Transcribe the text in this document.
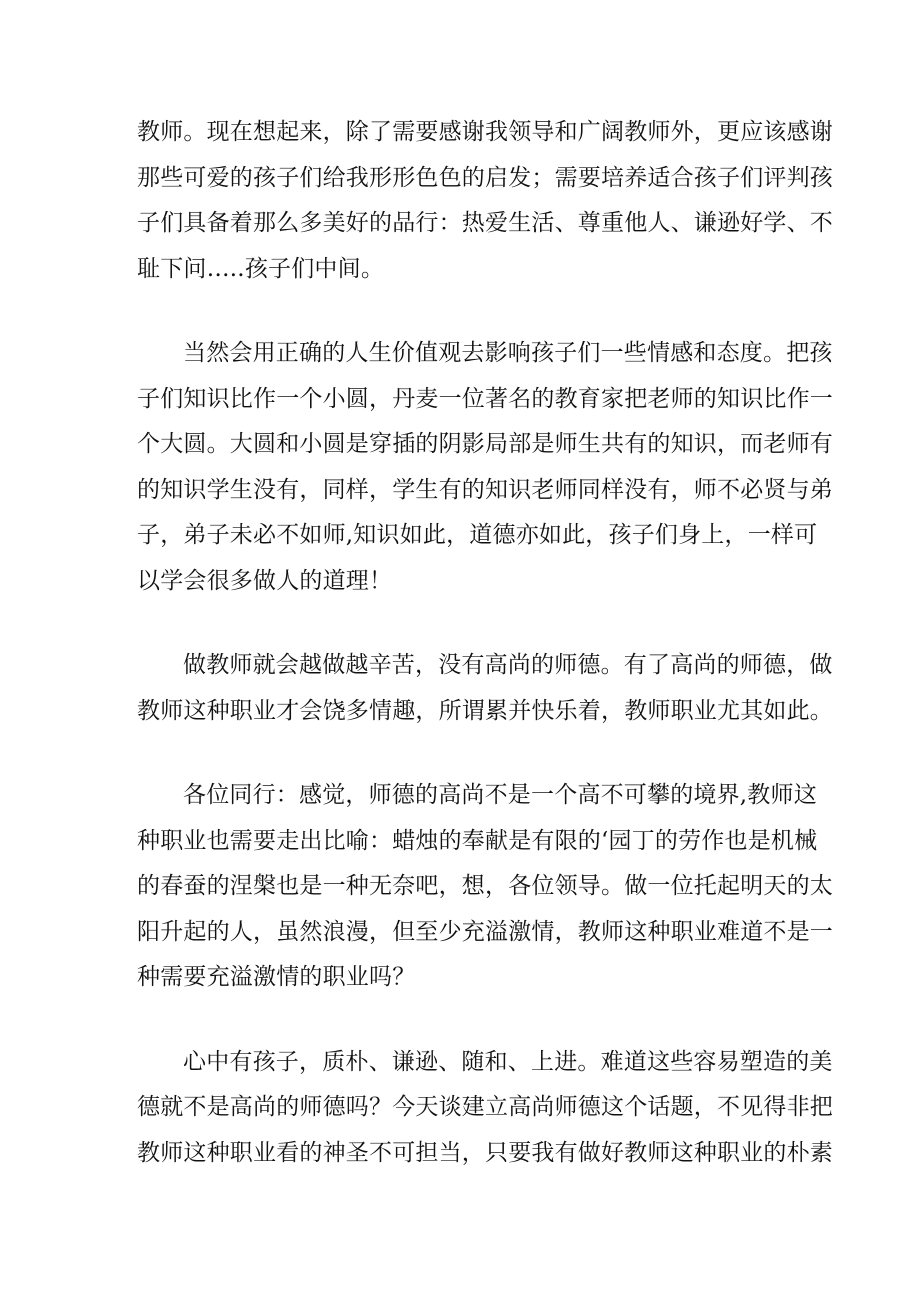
教师。现在想起来，除了需要感谢我领导和广阔教师外，更应该感谢
那些可爱的孩子们给我形形色色的启发；需要培养适合孩子们评判孩
子们具备着那么多美好的品行：热爱生活、尊重他人、谦逊好学、不
耻下问…..孩子们中间。

当然会用正确的人生价值观去影响孩子们一些情感和态度。把孩
子们知识比作一个小圆，丹麦一位著名的教育家把老师的知识比作一
个大圆。大圆和小圆是穿插的阴影局部是师生共有的知识，而老师有
的知识学生没有，同样，学生有的知识老师同样没有，师不必贤与弟
子，弟子未必不如师,知识如此，道德亦如此，孩子们身上，一样可
以学会很多做人的道理！

做教师就会越做越辛苦，没有高尚的师德。有了高尚的师德，做
教师这种职业才会饶多情趣，所谓累并快乐着，教师职业尤其如此。

各位同行：感觉，师德的高尚不是一个高不可攀的境界,教师这
种职业也需要走出比喻：蜡烛的奉献是有限的‘园丁的劳作也是机械
的春蚕的涅槃也是一种无奈吧，想，各位领导。做一位托起明天的太
阳升起的人，虽然浪漫，但至少充溢激情，教师这种职业难道不是一
种需要充溢激情的职业吗？

心中有孩子，质朴、谦逊、随和、上进。难道这些容易塑造的美
德就不是高尚的师德吗？今天谈建立高尚师德这个话题，不见得非把
教师这种职业看的神圣不可担当，只要我有做好教师这种职业的朴素
